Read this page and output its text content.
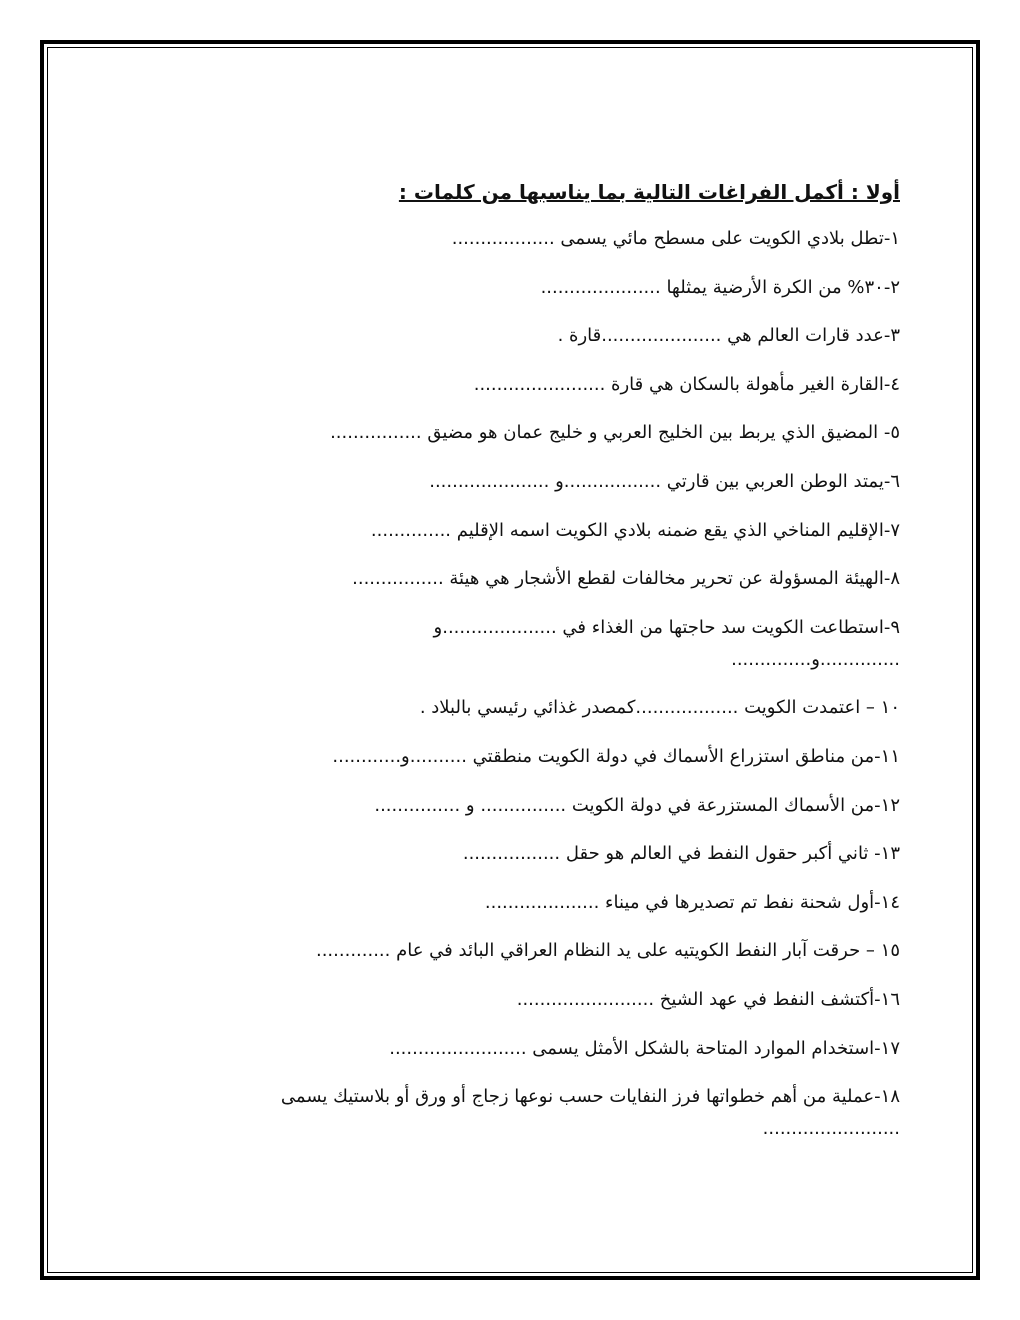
أولا : أكمل الفراغات التالية بما يناسبها من كلمات :
١-تطل بلادي الكويت على مسطح مائي يسمى ..................
٢-٣٠% من الكرة الأرضية يمثلها .....................
٣-عدد قارات العالم هي .....................قارة .
٤-القارة الغير مأهولة بالسكان هي قارة .......................
٥- المضيق الذي يربط بين الخليج العربي و خليج عمان هو مضيق ................
٦-يمتد الوطن العربي بين قارتي .................و .....................
٧-الإقليم المناخي الذي يقع ضمنه بلادي الكويت اسمه الإقليم ..............
٨-الهيئة المسؤولة عن تحرير مخالفات لقطع الأشجار هي هيئة ................
٩-استطاعت الكويت سد حاجتها من الغذاء في ....................و
..............و..............
١٠ – اعتمدت الكويت ..................كمصدر غذائي رئيسي بالبلاد .
١١-من مناطق استزراع الأسماك في دولة الكويت منطقتي ..........و............
١٢-من الأسماك المستزرعة في دولة الكويت ............... و ...............
١٣- ثاني أكبر حقول النفط في العالم هو حقل .................
١٤-أول شحنة نفط تم تصديرها في ميناء ....................
١٥ – حرقت آبار النفط الكويتيه على يد النظام العراقي البائد في عام .............
١٦-أكتشف النفط في عهد الشيخ ........................
١٧-استخدام الموارد المتاحة بالشكل الأمثل يسمى ........................
١٨-عملية من أهم خطواتها فرز النفايات حسب نوعها زجاج أو ورق أو بلاستيك يسمى
........................
